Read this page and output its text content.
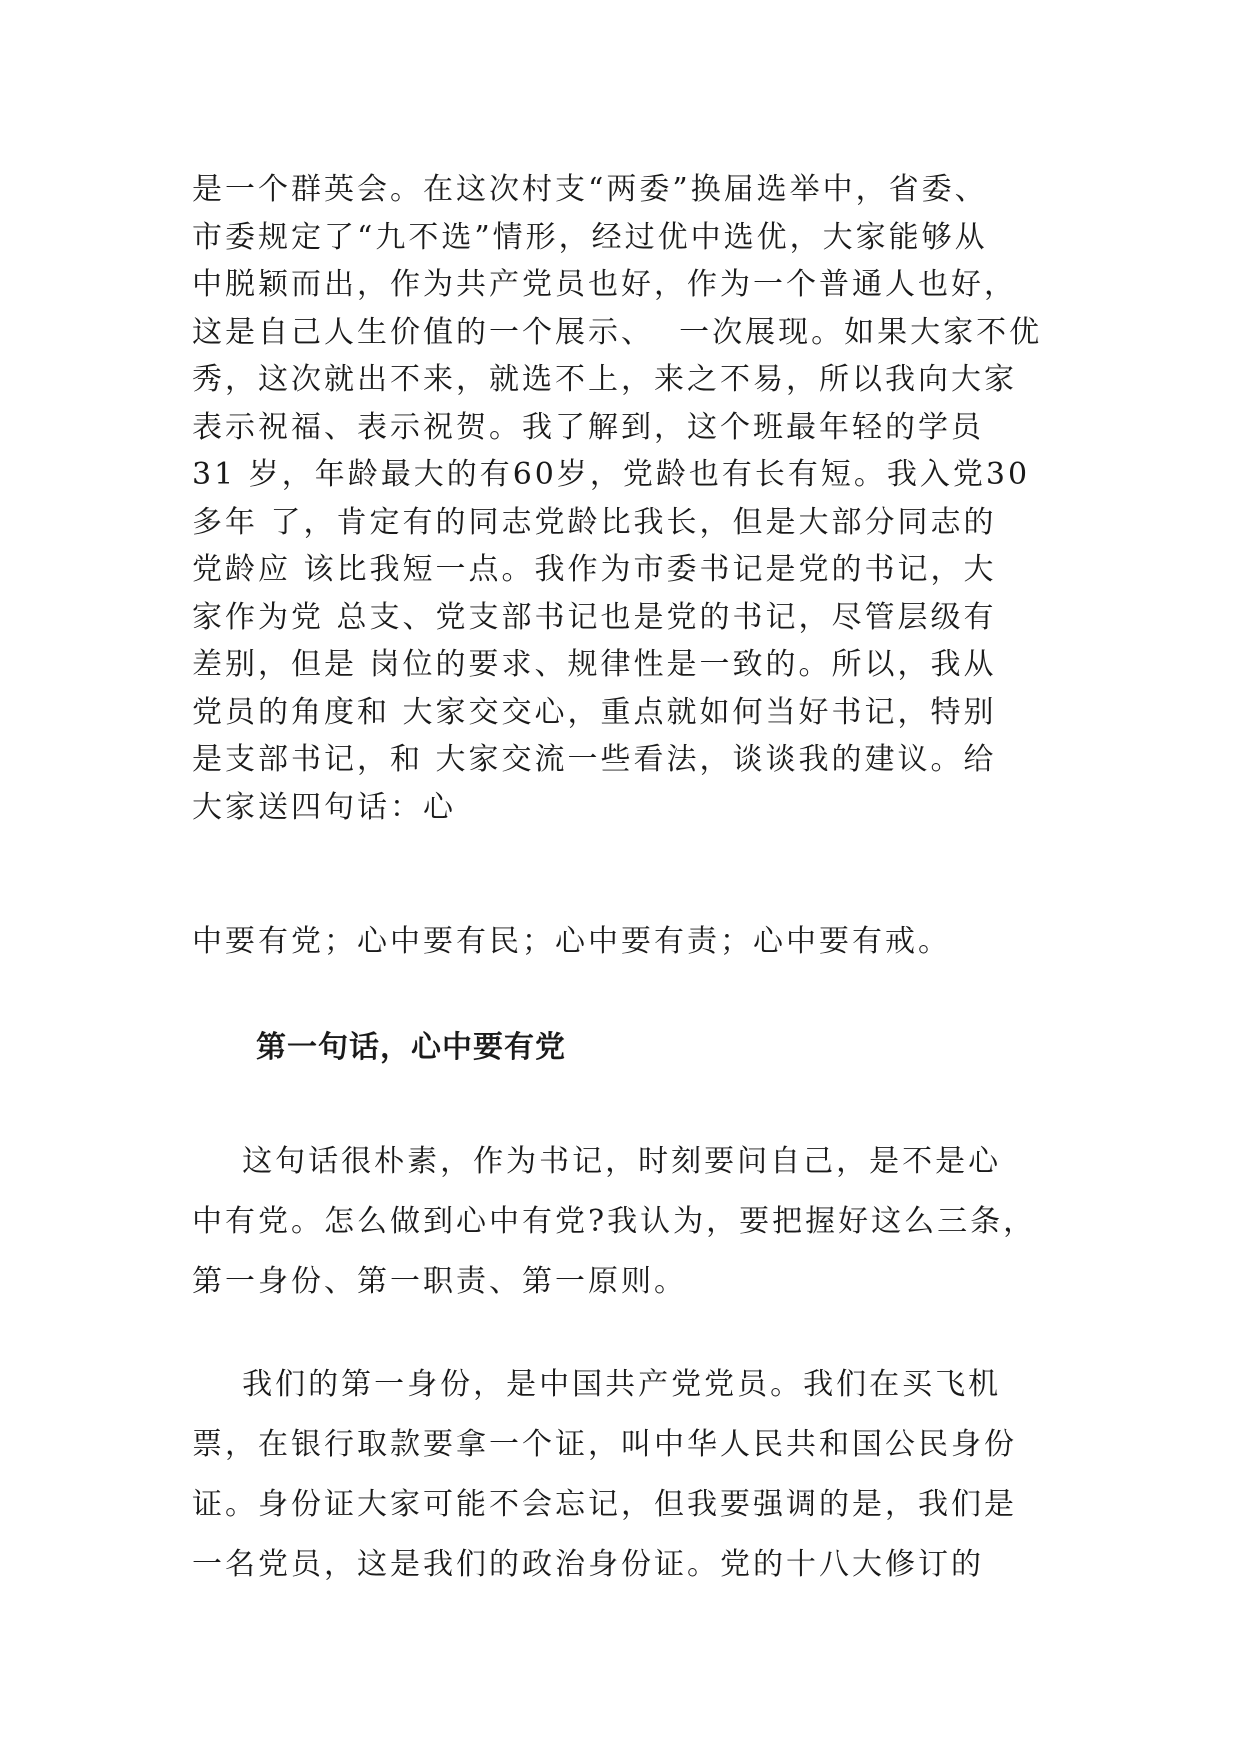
是一个群英会。在这次村支“两委”换届选举中，省委、
市委规定了“九不选”情形，经过优中选优，大家能够从
中脱颖而出，作为共产党员也好，作为一个普通人也好，
这是自己人生价值的一个展示、  一次展现。如果大家不优
秀，这次就出不来，就选不上，来之不易，所以我向大家
表示祝福、表示祝贺。我了解到，这个班最年轻的学员
31 岁，年龄最大的有60岁，党龄也有长有短。我入党30
多年 了，肯定有的同志党龄比我长，但是大部分同志的
党龄应 该比我短一点。我作为市委书记是党的书记，大
家作为党 总支、党支部书记也是党的书记，尽管层级有
差别，但是 岗位的要求、规律性是一致的。所以，我从
党员的角度和 大家交交心，重点就如何当好书记，特别
是支部书记，和 大家交流一些看法，谈谈我的建议。给
大家送四句话：心
中要有党；心中要有民；心中要有责；心中要有戒。
第一句话，心中要有党
这句话很朴素，作为书记，时刻要问自己，是不是心
中有党。怎么做到心中有党?我认为，要把握好这么三条，
第一身份、第一职责、第一原则。
我们的第一身份，是中国共产党党员。我们在买飞机
票，在银行取款要拿一个证，叫中华人民共和国公民身份
证。身份证大家可能不会忘记，但我要强调的是，我们是
一名党员，这是我们的政治身份证。党的十八大修订的
